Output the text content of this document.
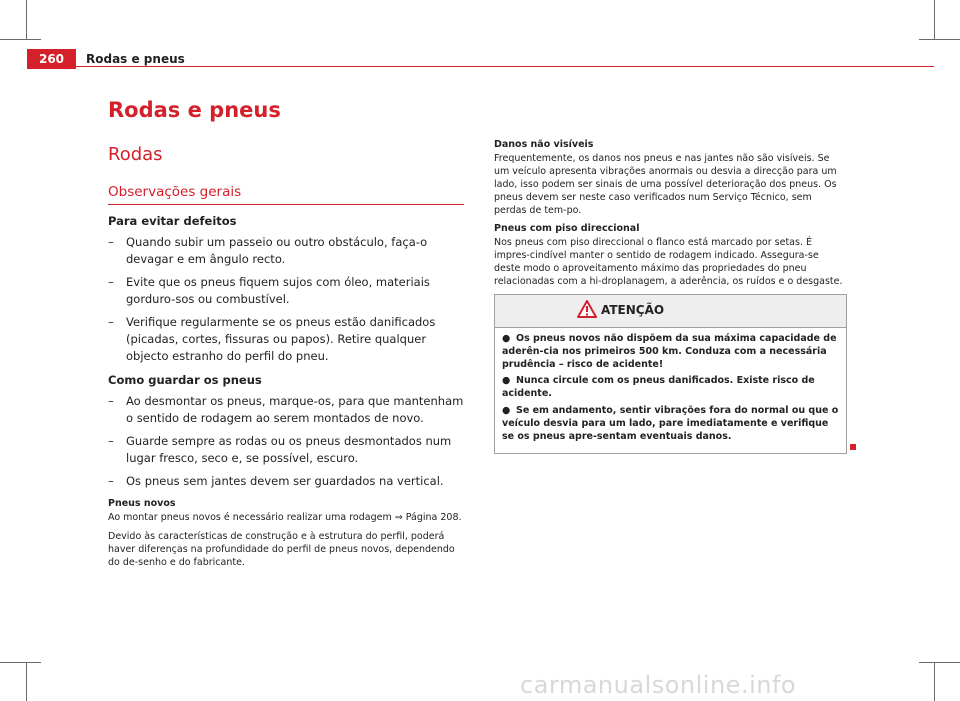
260	Rodas e pneus
Rodas e pneus
Rodas
Observações gerais
Para evitar defeitos
– Quando subir um passeio ou outro obstáculo, faça-o devagar e em ângulo recto.
– Evite que os pneus fiquem sujos com óleo, materiais gorduro-sos ou combustível.
– Verifique regularmente se os pneus estão danificados (picadas, cortes, fissuras ou papos). Retire qualquer objecto estranho do perfil do pneu.
Como guardar os pneus
– Ao desmontar os pneus, marque-os, para que mantenham o sentido de rodagem ao serem montados de novo.
– Guarde sempre as rodas ou os pneus desmontados num lugar fresco, seco e, se possível, escuro.
– Os pneus sem jantes devem ser guardados na vertical.
Pneus novos

Ao montar pneus novos é necessário realizar uma rodagem ⇒ Página 208.

Devido às características de construção e à estrutura do perfil, poderá haver diferenças na profundidade do perfil de pneus novos, dependendo do de-senho e do fabricante.

Danos não visíveis

Frequentemente, os danos nos pneus e nas jantes não são visíveis. Se um veículo apresenta vibrações anormais ou desvia a direcção para um lado, isso podem ser sinais de uma possível deterioração dos pneus. Os pneus devem ser neste caso verificados num Serviço Técnico, sem perdas de tem-po.

Pneus com piso direccional

Nos pneus com piso direccional o flanco está marcado por setas. É impres-cindível manter o sentido de rodagem indicado. Assegura-se deste modo o aproveitamento máximo das propriedades do pneu relacionadas com a hi-droplanagem, a aderência, os ruídos e o desgaste.

ATENÇÃO

● Os pneus novos não dispõem da sua máxima capacidade de aderên-cia nos primeiros 500 km. Conduza com a necessária prudência – risco de acidente!

● Nunca circule com os pneus danificados. Existe risco de acidente.

● Se em andamento, sentir vibrações fora do normal ou que o veículo desvia para um lado, pare imediatamente e verifique se os pneus apre-sentam eventuais danos.

carmanualsonline.info
